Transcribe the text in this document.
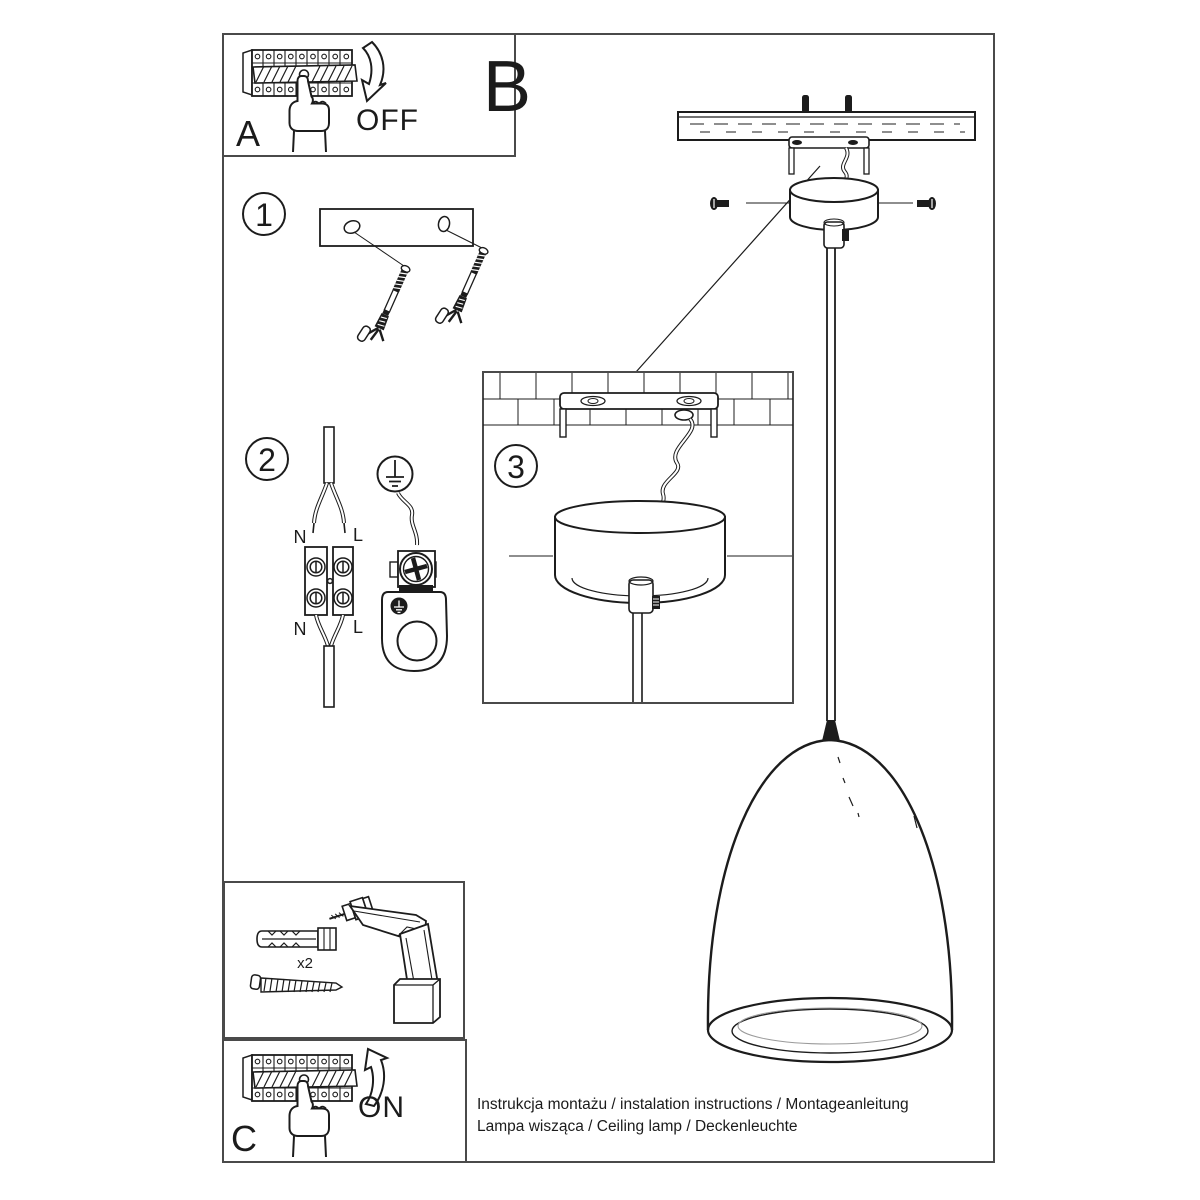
OFF
A
B
1
2
N	L
N	L
3
x2
ON
C
Instrukcja montażu / instalation instructions / Montageanleitung
Lampa wisząca / Ceiling lamp / Deckenleuchte
